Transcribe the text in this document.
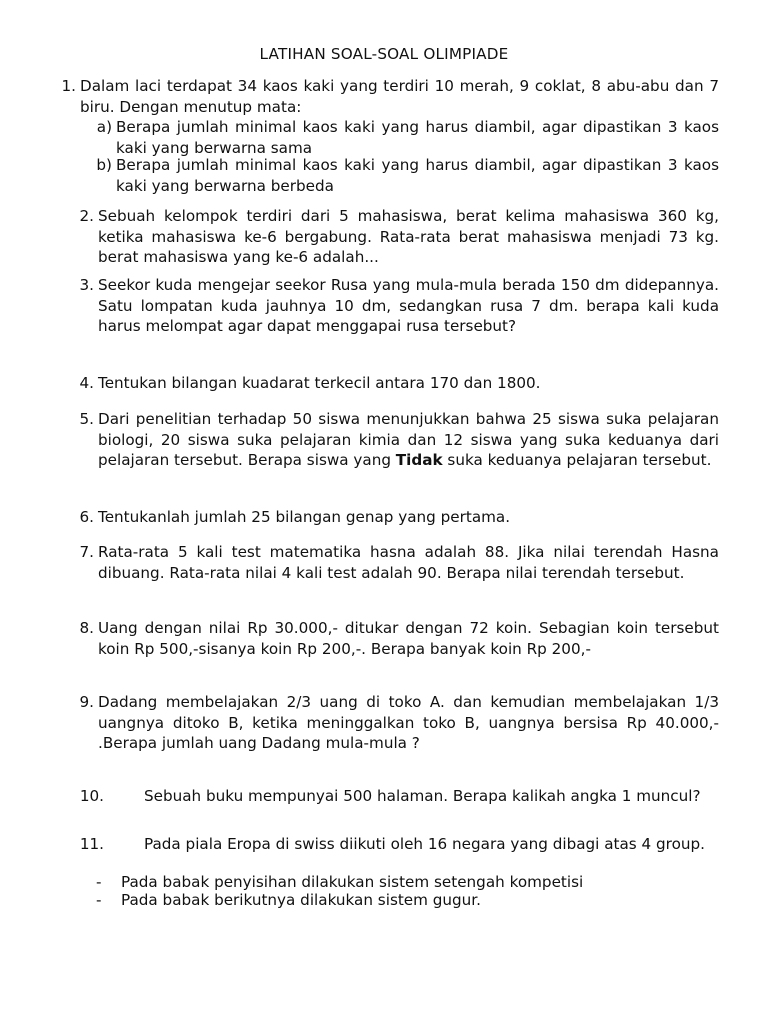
LATIHAN SOAL-SOAL OLIMPIADE
1. Dalam laci terdapat 34 kaos kaki yang terdiri 10 merah, 9 coklat, 8 abu-abu dan 7 biru. Dengan menutup mata:
a) Berapa jumlah minimal kaos kaki yang harus diambil, agar dipastikan 3 kaos kaki yang berwarna sama
b) Berapa jumlah minimal kaos kaki yang harus diambil, agar dipastikan 3 kaos kaki yang berwarna berbeda
2. Sebuah kelompok terdiri dari 5 mahasiswa, berat kelima mahasiswa 360 kg, ketika mahasiswa ke-6 bergabung. Rata-rata berat mahasiswa menjadi 73 kg. berat mahasiswa yang ke-6 adalah...
3. Seekor kuda mengejar seekor Rusa yang mula-mula berada 150 dm didepannya. Satu lompatan kuda jauhnya 10 dm, sedangkan rusa 7 dm. berapa kali kuda harus melompat agar dapat menggapai rusa tersebut?
4. Tentukan bilangan kuadarat terkecil antara 170 dan 1800.
5. Dari penelitian terhadap 50 siswa menunjukkan bahwa 25 siswa suka pelajaran biologi, 20 siswa suka pelajaran kimia dan 12 siswa yang suka keduanya dari pelajaran tersebut. Berapa siswa yang Tidak suka keduanya pelajaran tersebut.
6. Tentukanlah jumlah 25 bilangan genap yang pertama.
7. Rata-rata 5 kali test matematika hasna adalah 88. Jika nilai terendah Hasna dibuang. Rata-rata nilai 4 kali test adalah 90. Berapa nilai terendah tersebut.
8. Uang dengan nilai Rp 30.000,- ditukar dengan 72 koin. Sebagian koin tersebut koin Rp 500,-sisanya koin Rp 200,-. Berapa banyak koin Rp 200,-
9. Dadang membelajakan 2/3 uang di toko A. dan kemudian membelajakan 1/3 uangnya ditoko B, ketika meninggalkan toko B, uangnya bersisa Rp 40.000,- .Berapa jumlah uang Dadang mula-mula ?
10.	Sebuah buku mempunyai 500 halaman. Berapa kalikah angka 1 muncul?
11.	Pada piala Eropa di swiss diikuti oleh 16 negara yang dibagi atas 4 group.
-	Pada babak penyisihan dilakukan sistem setengah kompetisi
-	Pada babak berikutnya dilakukan sistem gugur.
